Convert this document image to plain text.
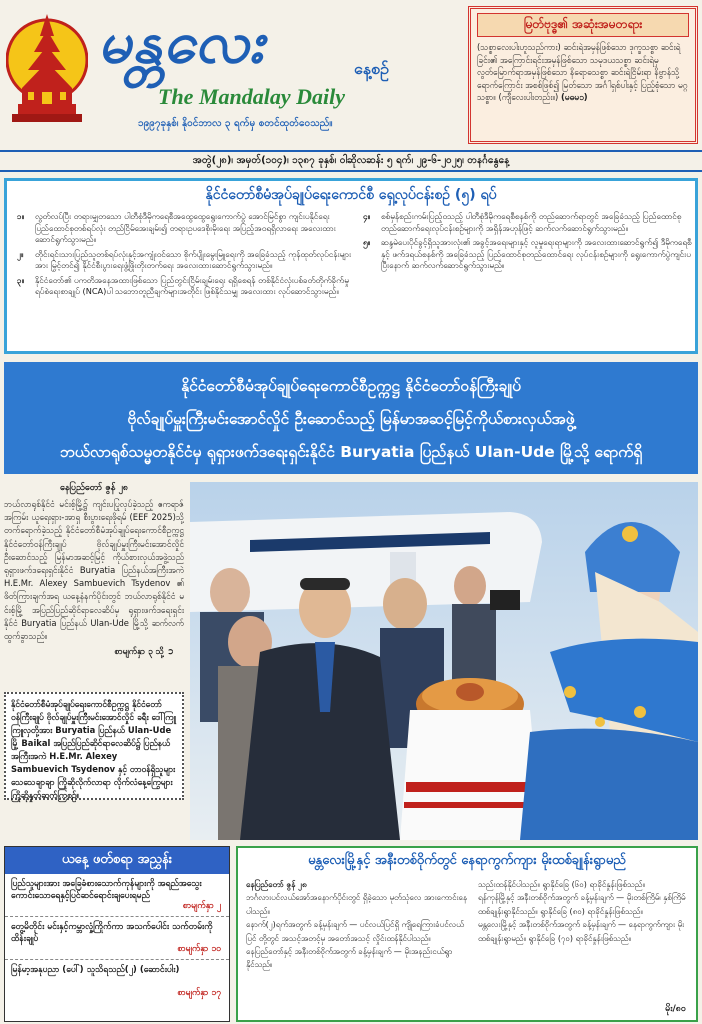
မန္တလေး	နေ့စဉ်
The Mandalay Daily
၁၉၉၇ခုနှစ်၊ နိုဝင်ဘာလ ၃ ရက်မှ စတင်ထုတ်ဝေသည်။
မြတ်ဗုဒ္ဓ၏ အဆုံးအမတရား

(သစ္စာလေးပါးဟူသည်ကား) ဆင်းရဲအမှန်ဖြစ်သော ဒုက္ခသစ္စာ ဆင်းရဲခြင်း၏ အကြောင်းရင်းအမှန်ဖြစ်သော သမုဒယသစ္စာ ဆင်းရဲမှ လွတ်မြောက်ရာအမှန်ဖြစ်သော နိရောဓသစ္စာ ဆင်းရဲငြိမ်းရာ နိဗ္ဗာန်သို့ရောက်ကြောင်း အစစ်ဖြစ်၍ မြတ်သော အင်္ဂါရှစ်ပါးနှင့် ပြည့်စုံသော မဂ္ဂသစ္စာ။ (ကျီလေးပါးတည်း။) (မဓမ၁)

အတွဲ(၂၈)၊ အမှတ်(၁၀၄)၊ ၁၃၈၇ ခုနှစ်၊ ဝါဆိုလဆန်း ၅ ရက်၊ ၂၉-၆-၂၀၂၅၊ တနင်္ဂနွေနေ့
နိုင်ငံတော်စီမံအုပ်ချုပ်ရေးကောင်စီ ရှေ့လုပ်ငန်းစဉ် (၅) ရပ်
၁။	လွတ်လပ်ပြီး တရားမျှတသော ပါတီစုံဒီမိုကရေစီအထွေထွေရွေးကောက်ပွဲ အောင်မြင်စွာ ကျင်းပနိုင်ရေး ပြည်ထောင်စုတစ်ရပ်လုံး တည်ငြိမ်အေးချမ်း၍ တရားဥပဒေစိုးမိုးရေး အပြည့်အဝရရှိလာရေး အလေးထားဆောင်ရွက်သွားမည်။
၂။	တိုင်းရင်းသားပြည်သူတစ်ရပ်လုံးနှင့်အကျုံးဝင်သော စိုက်ပျိုးမွေးမြူရေးကို အခြေခံသည့် ကုန်ထုတ်လုပ်ငန်းများအား မြှင့်တင်၍ နိုင်ငံစီးပွားရေးဖွံ့ဖြိုးတိုးတက်ရေး အလေးထားဆောင်ရွက်သွားမည်။
၃။	နိုင်ငံတော်၏ ပကတိအနေအထားဖြစ်သော ပြည်တွင်းငြိမ်းချမ်းရေး ရရှိစေရန် တစ်နိုင်ငံလုံးပစ်ခတ်တိုက်ခိုက်မှုရပ်စဲရေးစာချုပ် (NCA)ပါ သဘောတူညီချက်များအတိုင်း ဖြစ်နိုင်သမျှ အလေးထား လုပ်ဆောင်သွားမည်။
၄။	စစ်မှန်စည်းကမ်းပြည့်ဝသည့် ပါတီစုံဒီမိုကရေစီစနစ်ကို တည်ဆောက်ရာတွင် အခြေခံသည့် ပြည်ထောင်စုတည်ဆောက်ရေးလုပ်ငန်းစဉ်များကို အရှိန်အဟုန်ဖြင့် ဆက်လက်ဆောင်ရွက်သွားမည်။
၅။	ဆန္ဒမဲပေးပိုင်ခွင့်ရှိသူအားလုံး၏ အခွင့်အရေးများနှင့် လူမှုရေးရာများကို အလေးထားဆောင်ရွက်၍ ဒီမိုကရေစီနှင့် ဖက်ဒရယ်စနစ်ကို အခြေခံသည့် ပြည်ထောင်စုတည်ထောင်ရေး လုပ်ငန်းစဉ်များကို ရွေးကောက်ပွဲကျင်းပပြီးနောက် ဆက်လက်ဆောင်ရွက်သွားမည်။
နိုင်ငံတော်စီမံအုပ်ချုပ်ရေးကောင်စီဥက္ကဋ္ဌ နိုင်ငံတော်ဝန်ကြီးချုပ်
ဗိုလ်ချုပ်မှူးကြီးမင်းအောင်လှိုင် ဦးဆောင်သည့် မြန်မာအဆင့်မြင့်ကိုယ်စားလှယ်အဖွဲ့
ဘယ်လာရုစ်သမ္မတနိုင်ငံမှ ရုရှားဖက်ဒရေးရှင်းနိုင်ငံ Buryatia ပြည်နယ် Ulan-Ude မြို့သို့ ရောက်ရှိ
နေပြည်တော် ဇွန် ၂၈

ဘယ်လာရုစ်နိုင်ငံ မင်းစ့်မြို့၌ ကျင်းပပြုလုပ်ခဲ့သည့် ဧကရာဇ်အကြမ်း ယူရေးရှား-အာရှ စီးပွားရေးဖိုရမ် (EEF 2025)သို့ တက်ရောက်ခဲ့သည့် နိုင်ငံတော်စီမံအုပ်ချုပ်ရေးကောင်စီဥက္ကဋ္ဌ နိုင်ငံတော်ဝန်ကြီးချုပ် ဗိုလ်ချုပ်မှူးကြီးမင်းအောင်လှိုင် ဦးဆောင်သည့် မြန်မာအဆင့်မြင့် ကိုယ်စားလှယ်အဖွဲ့သည် ရုရှားဖက်ဒရေးရှင်းနိုင်ငံ Buryatia ပြည်နယ်အကြီးအကဲ H.E.Mr. Alexey Sambuevich Tsydenov ၏ ဖိတ်ကြားချက်အရ ယနေ့နံနက်ပိုင်းတွင် ဘယ်လာရုစ်နိုင်ငံ မင်းစ့်မြို့ အပြည်ပြည်ဆိုင်ရာလေဆိပ်မှ ရုရှားဖက်ဒရေးရှင်းနိုင်ငံ Buryatia ပြည်နယ် Ulan-Ude မြို့သို့ ဆက်လက်ထွက်ခွာသည်။

စာမျက်နှာ ၃ သို့ ➲
နိုင်ငံတော်စီမံအုပ်ချုပ်ရေးကောင်စီဥက္ကဋ္ဌ နိုင်ငံတော်ဝန်ကြီးချုပ် ဗိုလ်ချုပ်မှူးကြီးမင်းအောင်လှိုင် ခရီး ဒေါ်ကြူကြူလှတို့အား Buryatia ပြည်နယ် Ulan-Ude မြို့ Baikal အပြည်ပြည်ဆိုင်ရာလေဆိပ်၌ ပြည်နယ်အကြီးအကဲ H.E.Mr. Alexey Sambuevich Tsydenov နှင့် တာဝန်ရှိသူများ သေသေချာချာ ကြိုဆိုလိုက်လာရာ လိုက်လံနေ့ကြွေများ ကြိုဆိုနှုတ်ဆက်ကြစဉ်။
ယနေ့ ဖတ်စရာ အညွှန်း
ပြည်သူများအား အခြေခံစားသောက်ကုန်များကို အရည်အသွေးကောင်းသောရေနှင့်ပြင်ဆင်ရောင်းချပေးရမည်
စာမျက်နှာ ၂
တွေ့မိတိုင်း မင်းနှင့်ကမ္ဘာလှုံ့ကြိုက်ကာ အသက်ပေါင်း သက်တမ်းကို ထိန်းချုပ်
စာမျက်နှာ ၁၀
မြန်မာ့အနုပညာ (ပေါ်) သူသိရသည်(၂) (ဆောင်းပါး)
စာမျက်နှာ ၁၇
မန္တလေးမြို့နှင့် အနီးတစ်ဝိုက်တွင် နေရာကွက်ကျား မိုးထစ်ချုန်းရွာမည်

နေပြည်တော် ဇွန် ၂၈

ဘင်္ဂလားပင်လယ်အော်အနောက်ပိုင်းတွင် ရှိခဲ့သော မုတ်သုံလေ အားကောင်းနေပါသည်။

နောက်(၂)ရက်အတွက် ခန့်မှန်းချက် — ပင်လယ်ပြင်ရှိ ကျိုရေကြားခံပင်လယ်ပြင် တို့တွင် အသင့်အတင့်မှ အတော်အသင့် လှိုင်းထန်နိုင်ပါသည်။

နေပြည်တော်နှင့် အနီးတစ်ဝိုက်အတွက် ခန့်မှန်းချက် — မိုးအနည်းငယ်ရွာနိုင်သည်။

သည်းထန်နိုင်ပါသည်။ ရွာနိုင်ခြေ (၆၀) ရာခိုင်နှုန်းဖြစ်သည်။

ရန်ကုန်မြို့နှင့် အနီးတစ်ဝိုက်အတွက် ခန့်မှန်းချက် — မိုးတစ်ကြိမ်၊ နှစ်ကြိမ် ထစ်ချုန်းရွာနိုင်သည်။ ရွာနိုင်ခြေ (၈၀) ရာခိုင်နှုန်းဖြစ်သည်။

မန္တလေးမြို့နှင့် အနီးတစ်ဝိုက်အတွက် ခန့်မှန်းချက် — နေရာကွက်ကျား မိုးထစ်ချုန်းရွာမည်။ ရွာနိုင်ခြေ (၇၀) ရာခိုင်နှုန်းဖြစ်သည်။

မိုး/၈၀
